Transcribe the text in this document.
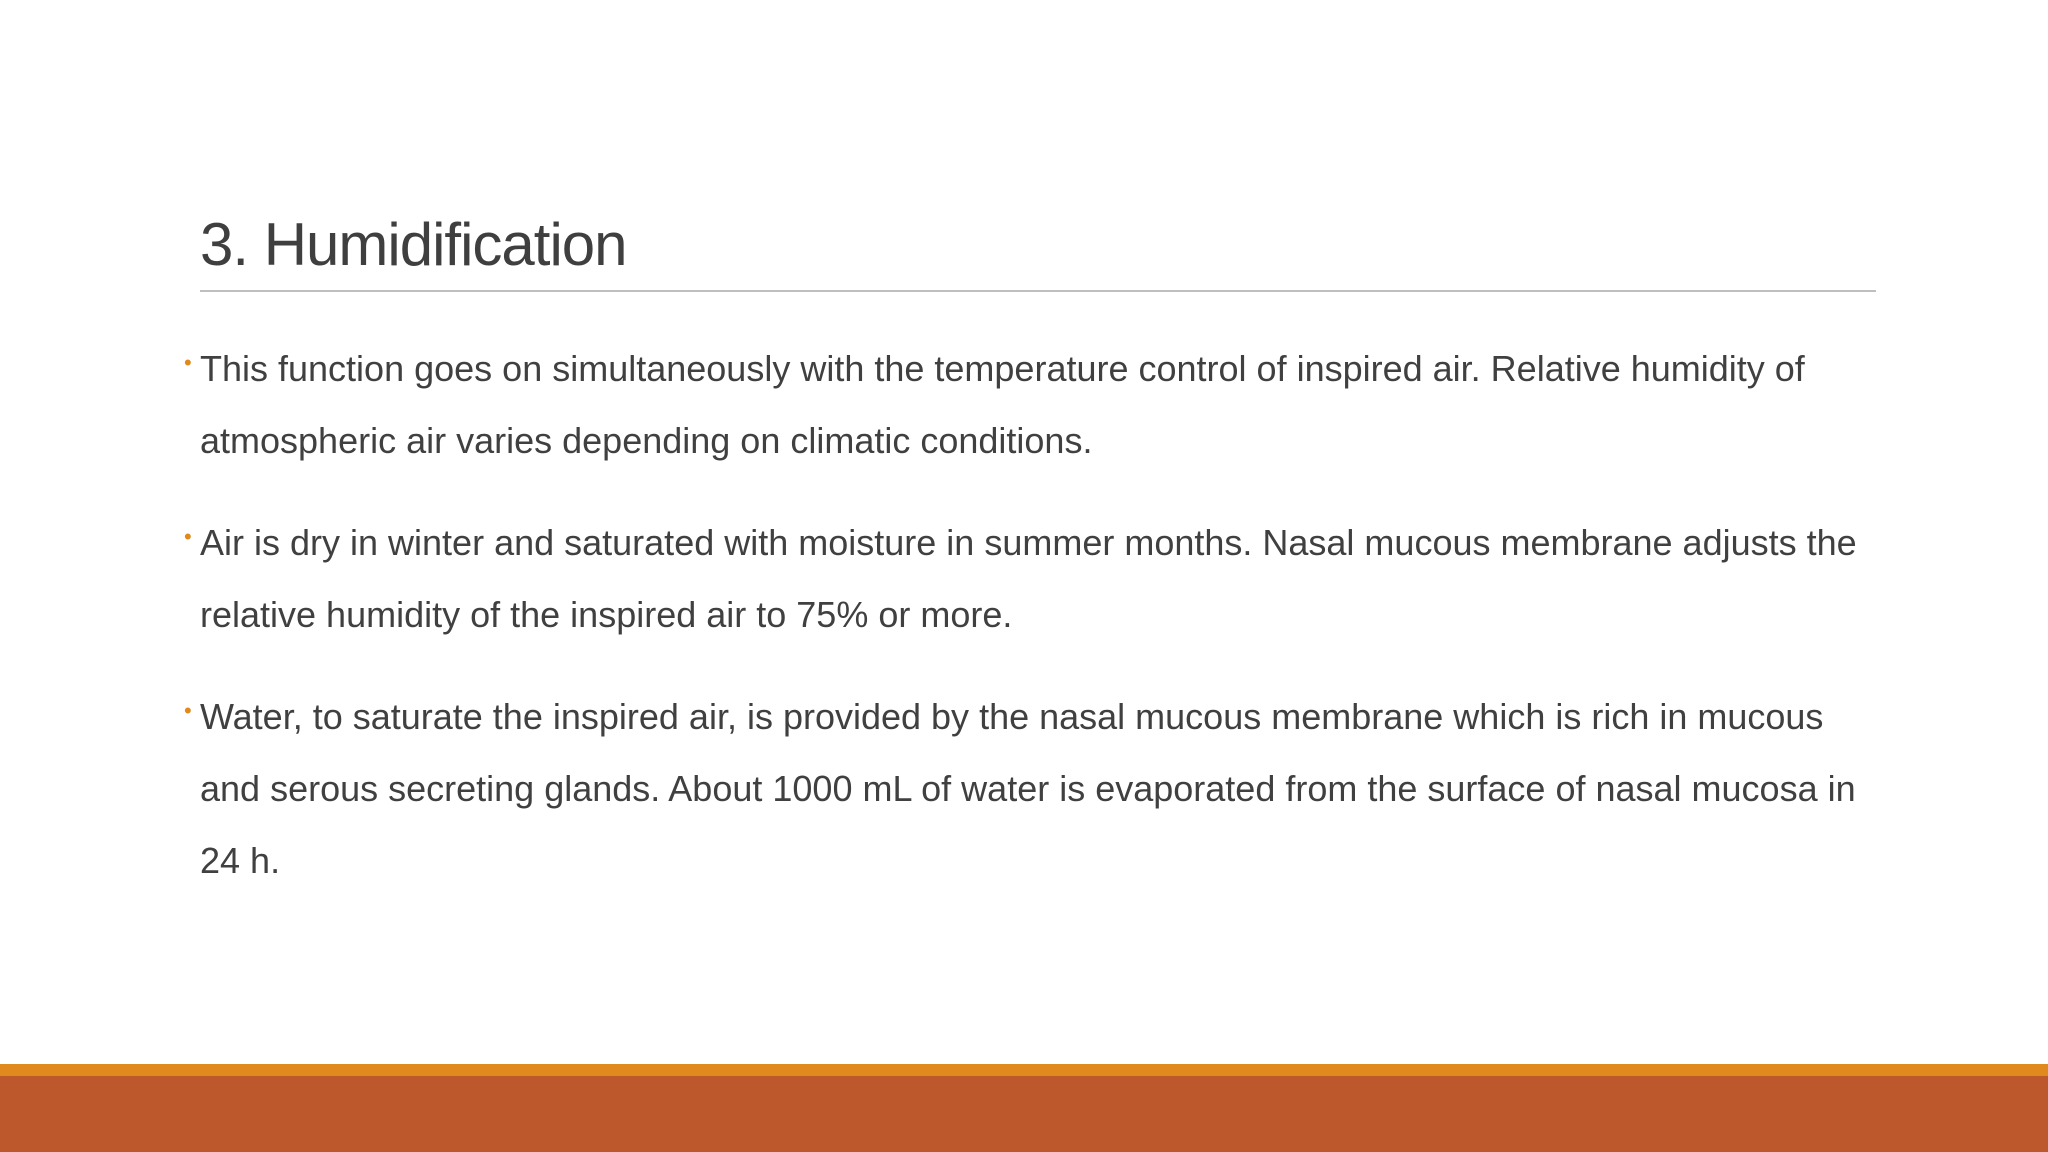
3. Humidification
• This function goes on simultaneously with the temperature control of inspired air. Relative humidity of atmospheric air varies depending on climatic conditions.
• Air is dry in winter and saturated with moisture in summer months. Nasal mucous membrane adjusts the relative humidity of the inspired air to 75% or more.
• Water, to saturate the inspired air, is provided by the nasal mucous membrane which is rich in mucous and serous secreting glands. About 1000 mL of water is evaporated from the surface of nasal mucosa in 24 h.
